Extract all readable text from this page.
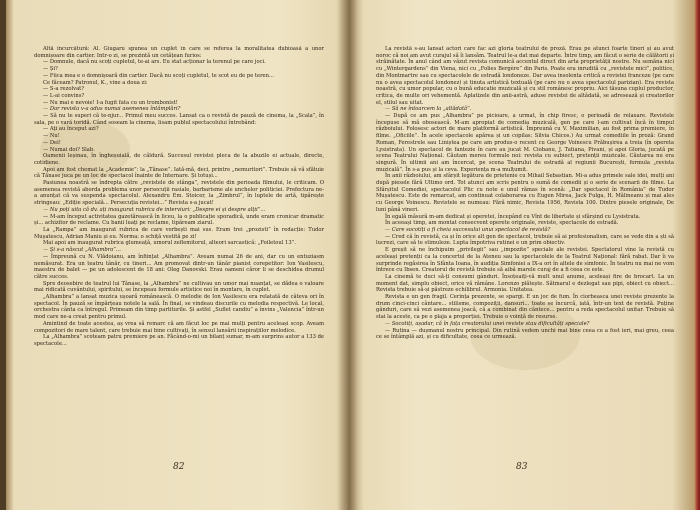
Altă încurcătură: Al. Giugaru spunea un cuplet în care se referea la moralitatea dubioasă a unor domnișoare din cartier. Intr-o zi, se prezintă un cetățean furios:

— Domnule, dacă nu scoți cupletul, te-ai ars. Eu stat acționar la terenul pe care joci.

— Și?

— Fiica mea e o domnișoară din cartier. Dacă nu scoți cupletul, te scot eu de pe teren...

Ce făceam? Patronul, K., vine a doua zi:

— S-a rezolvat?

— L-ai convins?

— Nu mai e nevoie! I-a fugit fata cu un trombonist!

— Dar revista v-a adus numai asemenea întâmplări?

— Să nu te superi că te-njur... Primul meu succes. Lansat ca o revistă de pauză de cinema, la „Scala”, în sala, pe o vară toridă. Când soseam la cinema, lisam publul spectacolului întrebând:

— Ați au început azi?

— Nu!

— Dei!

— Numai doi? Slab.

Oamenii leșinau, în îngheșuială, de căldură. Succesul revistei pleca de la abuzile ei actuale, directe, cotidiene.

Apoi am fost chemat la „Academie”: la „Tănase”. Iată-mă, deci, printre „nemuritori”. Trebuie să vă sfătuie că Tănase juca pe un loc de spectacol înainte de Internare. Și totuși...

Pasiunea noastră se îndrepta către „revistele de stânga”, revistele din perioada filmului, le criticam. O asemenea revistă aborda problema unor persecuții rasiale, barbarisme ale unchelor politiciei. Prefectura ne-a anunțat că va suspenda spectacolul. Alexandru Em. Stoicer, la „Zimbrul”, în luptele de artă, tipărește stringeau: „Ediție specială... Persecuția revistei...” Revista s-a jucat!

— Nu poți uita că dv. ați inaugurat rubrica de interviuri: „Despre ei și despre alții”...

— M-am început activitatea gazetărească în liceu, la o publicație sporadică, unde eram cronicar dramatic și... achizitor de reclame. Cu banii luați pe reclame, tipăream ziarul.

La „Rampa” am inaugurat rubrica de care vorbești mai sus. Eram trei „prozisti” în redacție: Tudor Mușatescu, Adrian Maniu și eu. Norma: o schiță vestită pe zi!

Mai apoi am inaugurat rubrica glumeață, umorul zeflemitorul, alteori sarcastică: „Foiletoul 13”.

— Și s-a născut „Alhambra”...

— Împreună cu N. Vlădoianu, am înființat „Alhambra”. Aveam numai 26 de ani, dar cu un entuziasm nemăsurat. Era un teatru tânăr, cu tineri... Am promovat dintr-un tânăr pianist corepetitor: Ion Vasilescu, maestru de balet — pe un adolescent de 18 ani: Oleg Danovski. Erau oameni căror li se deschidea drumul către succes.

Spre deosebire de teatrul lui Tănase, la „Alhambra” ne cultivau un umor mai nuanțat, se dădea o valoare mai ridicată cuvântului, spiritului, se începeau formule artistice noi în montare, în cuplet.

„Alhambra” a lansat muzica ușoară românească. O melodie de Ion Vasilescu era relatată de câteva ori în spectacol. În pauză se împărțeau notele la sală. În final, se vindeau discurile cu melodia respectivă. Le local, orchestra cânta ca întregul. Primeam din timp partiturile. Și astfel „Suflet candiu” a învins „Valencia” într-un mod care ne-a creat pentru primul.

Amintind de toate acestea, aș vrea să remarc că am făcut loc pe mai mulți pentru aceleași scop. Aveam compozitori de mare talent, care trebuie mai bine cultivați, în sensul lansării inspirațiilor melodice.

La „Alhambra” scoteam patru premiere pe an. Făcând-o-mi un bilanț sumar, m-am surprins autor a 133 de spectacole...

82

La revistă s-au lansat actori care fac azi gloria teatrului de proză. Erau pe atunci foarte tineri și au avut noroc că noi am avut curajul să îi lansăm. Teatrul le-a dat mai departe. Între timp, am făcut o serie de călătorii și străinătate. În anul când am văzut revista comunică accentul direct din arta proprietății nostre. Nu semăna nici cu „Wintergardens” din Viena, nici cu „Folies Bergère” din Paris. Poate era inrudită cu „revistele mici”, politice, din Montmartre sau cu spectacolele de estradă londoneze. Dar avea insolenta critică a revistei franceze (pe care nu o avea spectacolul londonez) și tinuta artistică textuală (pe care nu o avea spectacolul parizian). Era revista noastră, cu umor popular, cu o bună educatie muzicală și cu stil românesc propriu. Aici tăsuna cuplul productor, critica, de multe ori vehementă. Aplatizele din anii-astră, aduse revistei de altădată, se adresează și creatorilor el, stilul sau uitat.

— Să ne întoarcem la „altădată”.

— După ce am pus „Alhambra” pe picioare, a urmat, în chip firesc, o perioadă de relaxare. Revistele începuse să mă obosească. M-am apropiat de comedia muzicală, gen pe care l-am cultivat încă în timpul războiului. Folosesc actori de mare platformă artistică. Împreună cu V. Maximilian, au fost prima premiere, în filme. „Oficiile”. În acele spectacole apărea și un copilas: Silvia Chicos.) Au urmat comediile în proză: Grand Roman, Ferestrele sau Liniștea pe care am produs-o recent cu George Voinescu Prăbușirea a treia (în opereta Lysistrata). Un spectacol de fantezie în care au jucat M. Ciobanu, J. Tatiana, Pivani, și apoi Gloria, jucată pe scena Teatrului Național. Căutam mereu formule noi: revista cu subiect, pretenții muzicale. Căutarea nu era singură. În ultimii ani am încercat, pe scena Teatrului de estradă al regiunii București, formula „revista muzicală”. În s-a pus și la ceva. Experiența m-a mulțumit.

În anii războiului, am sfârșit legătura de prietenie cu Mihail Sebastian. Mi-a adus primele sale idei, mulți ani după piesele fără Ultimo ord. Tot atunci am scris pentru o sumă de comedii și o serie de scenarii de filme. La Sfârșitul Comediei, spectacolul Plic cu note e unul rămas în scenă: „Dar spectacol în România” de Tudor Mușatescu. Este de remarcat, am continuat colaborarea cu Eugen Mirea, Jack Fulga, H. Mălineanu și mai ales cu George Voinescu. Revistele se numeau: Fără nimic, Revista 1956, Revista 100. Dintre piesele originale, De luni până vineri.

În egală măsură m-am dedicat și operetei, începând cu Vînt de libertate și sfârșind cu Lysistrata.

În aceeași timp, am montat consecvent operete originale, reviste, spectacole de estradă.

— Care socotiți a fi cheia succesului unui spectacol de revistă?

— Cred că în revistă, ca și în orice alt gen de spectacol, trebuie să ai profesionalism, care se vede din a ști să lucrezi, care să te stimuleze. Lupta împotriva rutinei e un prim obiectiv.

E greșit să ne închipuim „privilegii” sau „impozite” speciale ale revistei. Spectatorul vine la revistă cu aceleași pretenții ca la concertul de la Ateneu sau la spectacolele de la Teatrul Național: fără rabat. Dar îi va surprinde regăsirea în Sfânta Ioana, în audiția Simfoniei a IX-a ori în altele de simfonic. În teatru nu mai ne vom întrece cu Ibsen. Creatorul de revistă trebuie să aibă marele curaj de a fi ceea ce este.

La cinemă te duci să-ți consumi gânduri. Însoțeaiți-vă mult unul anume, aceleași fire de brocart. La un moment dat, simplu obiect, orice vă rămâne. Lorenzo plătește. Sătmarul e dezlegat sau pipi, obiect cu obiect... Revista trebuie să-și păstreze echilibrul. Armonia. Unitatea.

Revista e un gen fragil. Cerința prezente, se spargi. E un joc de fum. În ciorbeasca unei reviste prezente la drum cinci-cinci cântare... stilisme, compoziții, dansuri... toate se încurcă, iată, într-un text de revistă. Puține gânduri, care să vezi asemenea joacă, că a combinat din cântece... pentru a reda spectacolul unitar. Trebuie să stai la aceste, ca pe o plaja a proporției. Trebuie o voință de resurse.

— Socotiți, așadar, că în fața creatorului unei reviste stau dificultăți speciale?

— Rutina — dușmanul nostru principal. Din rutină vedem unchi mai bine ceea ce a fost ieri, mai greu, ceea ce se întâmplă azi, și cu dificultate, ceea ce urmează.

83
